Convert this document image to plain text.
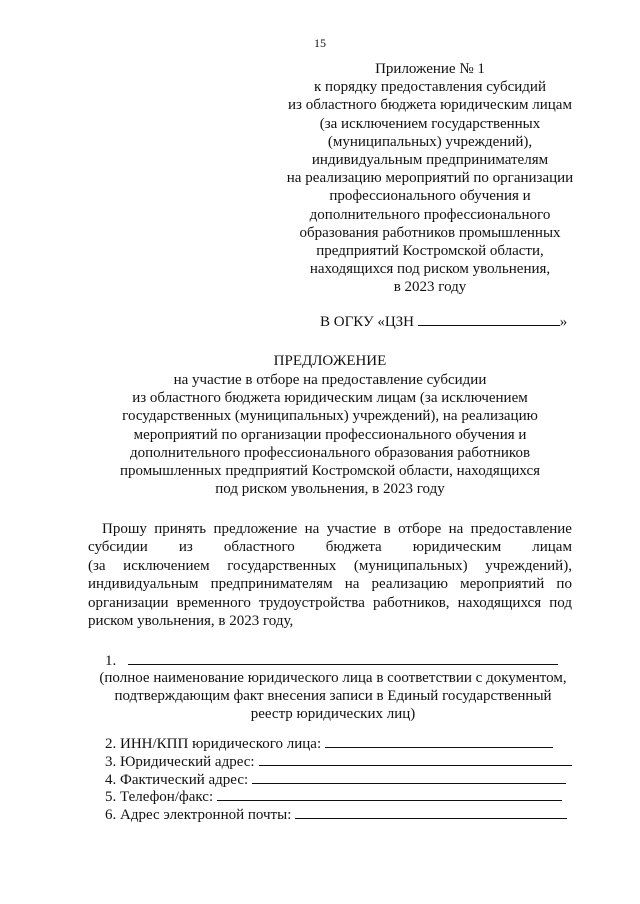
15
Приложение № 1
к порядку предоставления субсидий
из областного бюджета юридическим лицам
(за исключением государственных
(муниципальных) учреждений),
индивидуальным предпринимателям
на реализацию мероприятий по организации
профессионального обучения и
дополнительного профессионального
образования работников промышленных
предприятий Костромской области,
находящихся под риском увольнения,
в 2023 году
В ОГКУ «ЦЗН	»
ПРЕДЛОЖЕНИЕ
на участие в отборе на предоставление субсидии
из областного бюджета юридическим лицам (за исключением
государственных (муниципальных) учреждений), на реализацию
мероприятий по организации профессионального обучения и
дополнительного профессионального образования работников
промышленных предприятий Костромской области, находящихся
под риском увольнения, в 2023 году
Прошу принять предложение на участие в отборе на предоставление
субсидии из областного бюджета юридическим лицам
(за исключением государственных (муниципальных) учреждений),
индивидуальным предпринимателям на реализацию мероприятий по
организации временного трудоустройства работников, находящихся под
риском увольнения, в 2023 году,
1.
(полное наименование юридического лица в соответствии с документом,
подтверждающим факт внесения записи в Единый государственный
реестр юридических лиц)
2. ИНН/КПП юридического лица:
3. Юридический адрес:
4. Фактический адрес:
5. Телефон/факс:
6. Адрес электронной почты:
